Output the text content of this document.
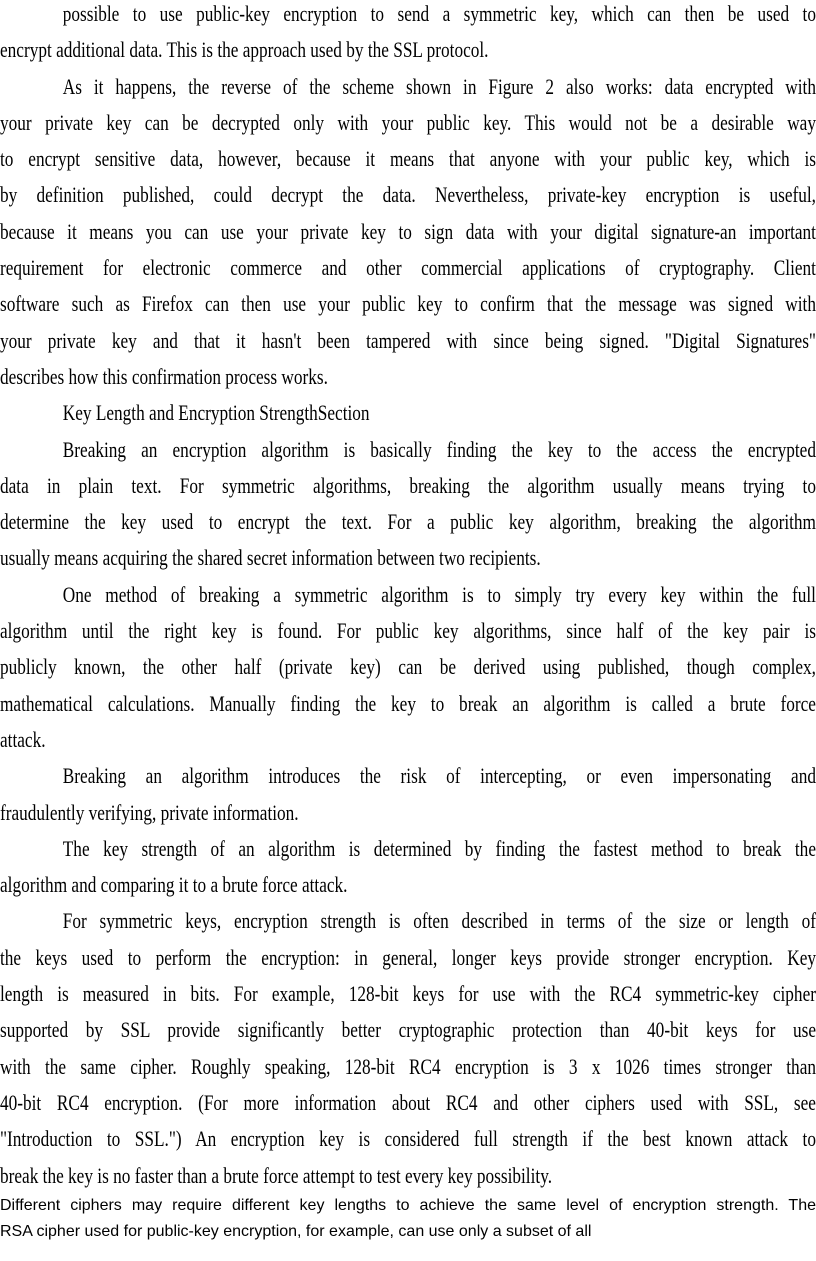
possible to use public-key encryption to send a symmetric key, which can then be used to
encrypt additional data. This is the approach used by the SSL protocol.

As it happens, the reverse of the scheme shown in Figure 2 also works: data encrypted with
your private key can be decrypted only with your public key. This would not be a desirable way
to encrypt sensitive data, however, because it means that anyone with your public key, which is
by definition published, could decrypt the data. Nevertheless, private-key encryption is useful,
because it means you can use your private key to sign data with your digital signature-an important
requirement for electronic commerce and other commercial applications of cryptography. Client
software such as Firefox can then use your public key to confirm that the message was signed with
your private key and that it hasn't been tampered with since being signed. "Digital Signatures"
describes how this confirmation process works.

Key Length and Encryption StrengthSection

Breaking an encryption algorithm is basically finding the key to the access the encrypted
data in plain text. For symmetric algorithms, breaking the algorithm usually means trying to
determine the key used to encrypt the text. For a public key algorithm, breaking the algorithm
usually means acquiring the shared secret information between two recipients.

One method of breaking a symmetric algorithm is to simply try every key within the full
algorithm until the right key is found. For public key algorithms, since half of the key pair is
publicly known, the other half (private key) can be derived using published, though complex,
mathematical calculations. Manually finding the key to break an algorithm is called a brute force
attack.

Breaking an algorithm introduces the risk of intercepting, or even impersonating and
fraudulently verifying, private information.

The key strength of an algorithm is determined by finding the fastest method to break the
algorithm and comparing it to a brute force attack.

For symmetric keys, encryption strength is often described in terms of the size or length of
the keys used to perform the encryption: in general, longer keys provide stronger encryption. Key
length is measured in bits. For example, 128-bit keys for use with the RC4 symmetric-key cipher
supported by SSL provide significantly better cryptographic protection than 40-bit keys for use
with the same cipher. Roughly speaking, 128-bit RC4 encryption is 3 x 1026 times stronger than
40-bit RC4 encryption. (For more information about RC4 and other ciphers used with SSL, see
"Introduction to SSL.") An encryption key is considered full strength if the best known attack to
break the key is no faster than a brute force attempt to test every key possibility.

Different ciphers may require different key lengths to achieve the same level of encryption strength. The
RSA cipher used for public-key encryption, for example, can use only a subset of all
